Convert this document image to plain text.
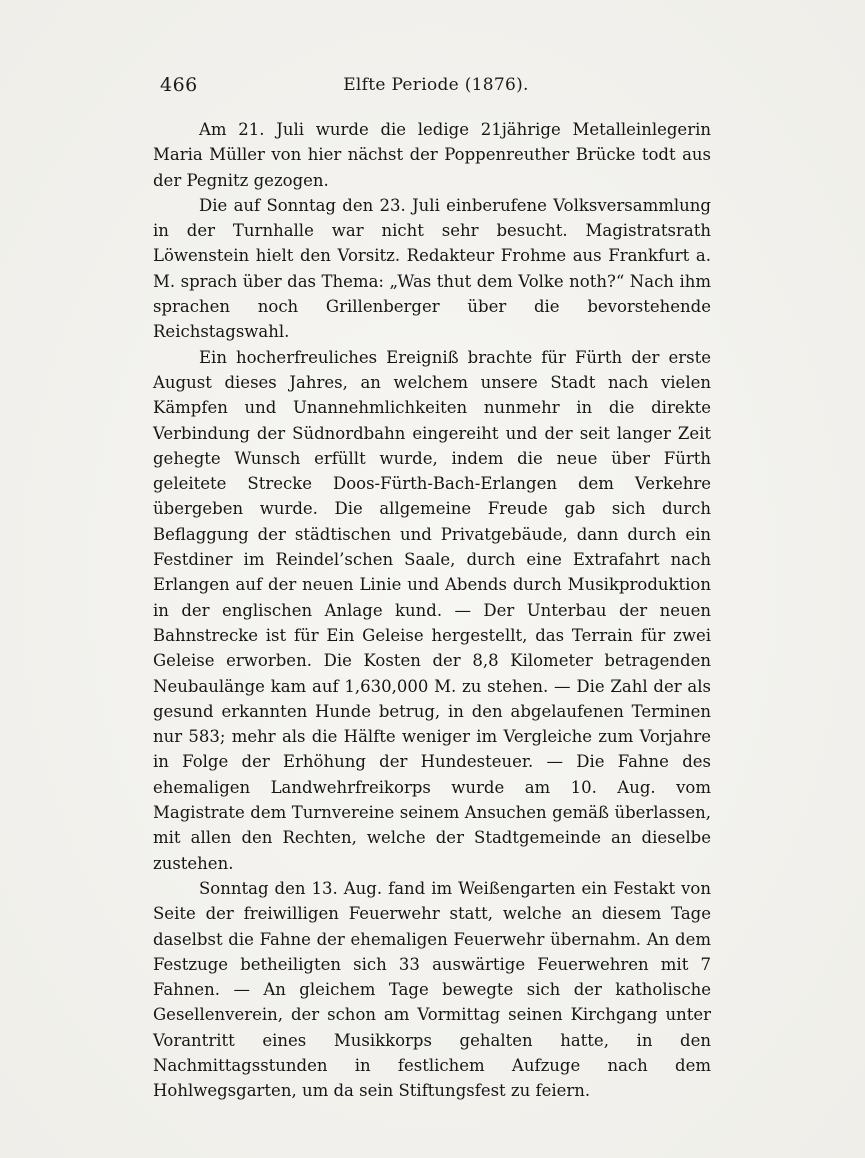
466	Elfte Periode (1876).

Am 21. Juli wurde die ledige 21jährige Metalleinlegerin Maria Müller von hier nächst der Poppenreuther Brücke todt aus der Pegnitz gezogen.

Die auf Sonntag den 23. Juli einberufene Volksversammlung in der Turnhalle war nicht sehr besucht. Magistratsrath Löwenstein hielt den Vorsitz. Redakteur Frohme aus Frankfurt a. M. sprach über das Thema: „Was thut dem Volke noth?“ Nach ihm sprachen noch Grillenberger über die bevorstehende Reichstagswahl.

Ein hocherfreuliches Ereigniß brachte für Fürth der erste August dieses Jahres, an welchem unsere Stadt nach vielen Kämpfen und Unannehmlichkeiten nunmehr in die direkte Verbindung der Südnordbahn eingereiht und der seit langer Zeit gehegte Wunsch erfüllt wurde, indem die neue über Fürth geleitete Strecke Doos-Fürth-Bach-Erlangen dem Verkehre übergeben wurde. Die allgemeine Freude gab sich durch Beflaggung der städtischen und Privatgebäude, dann durch ein Festdiner im Reindel’schen Saale, durch eine Extrafahrt nach Erlangen auf der neuen Linie und Abends durch Musikproduktion in der englischen Anlage kund. — Der Unterbau der neuen Bahnstrecke ist für Ein Geleise hergestellt, das Terrain für zwei Geleise erworben. Die Kosten der 8,8 Kilometer betragenden Neubaulänge kam auf 1,630,000 M. zu stehen. — Die Zahl der als gesund erkannten Hunde betrug, in den abgelaufenen Terminen nur 583; mehr als die Hälfte weniger im Vergleiche zum Vorjahre in Folge der Erhöhung der Hundesteuer. — Die Fahne des ehemaligen Landwehrfreikorps wurde am 10. Aug. vom Magistrate dem Turnvereine seinem Ansuchen gemäß überlassen, mit allen den Rechten, welche der Stadtgemeinde an dieselbe zustehen.

Sonntag den 13. Aug. fand im Weißengarten ein Festakt von Seite der freiwilligen Feuerwehr statt, welche an diesem Tage daselbst die Fahne der ehemaligen Feuerwehr übernahm. An dem Festzuge betheiligten sich 33 auswärtige Feuerwehren mit 7 Fahnen. — An gleichem Tage bewegte sich der katholische Gesellenverein, der schon am Vormittag seinen Kirchgang unter Vorantritt eines Musikkorps gehalten hatte, in den Nachmittagsstunden in festlichem Aufzuge nach dem Hohlwegsgarten, um da sein Stiftungsfest zu feiern.
